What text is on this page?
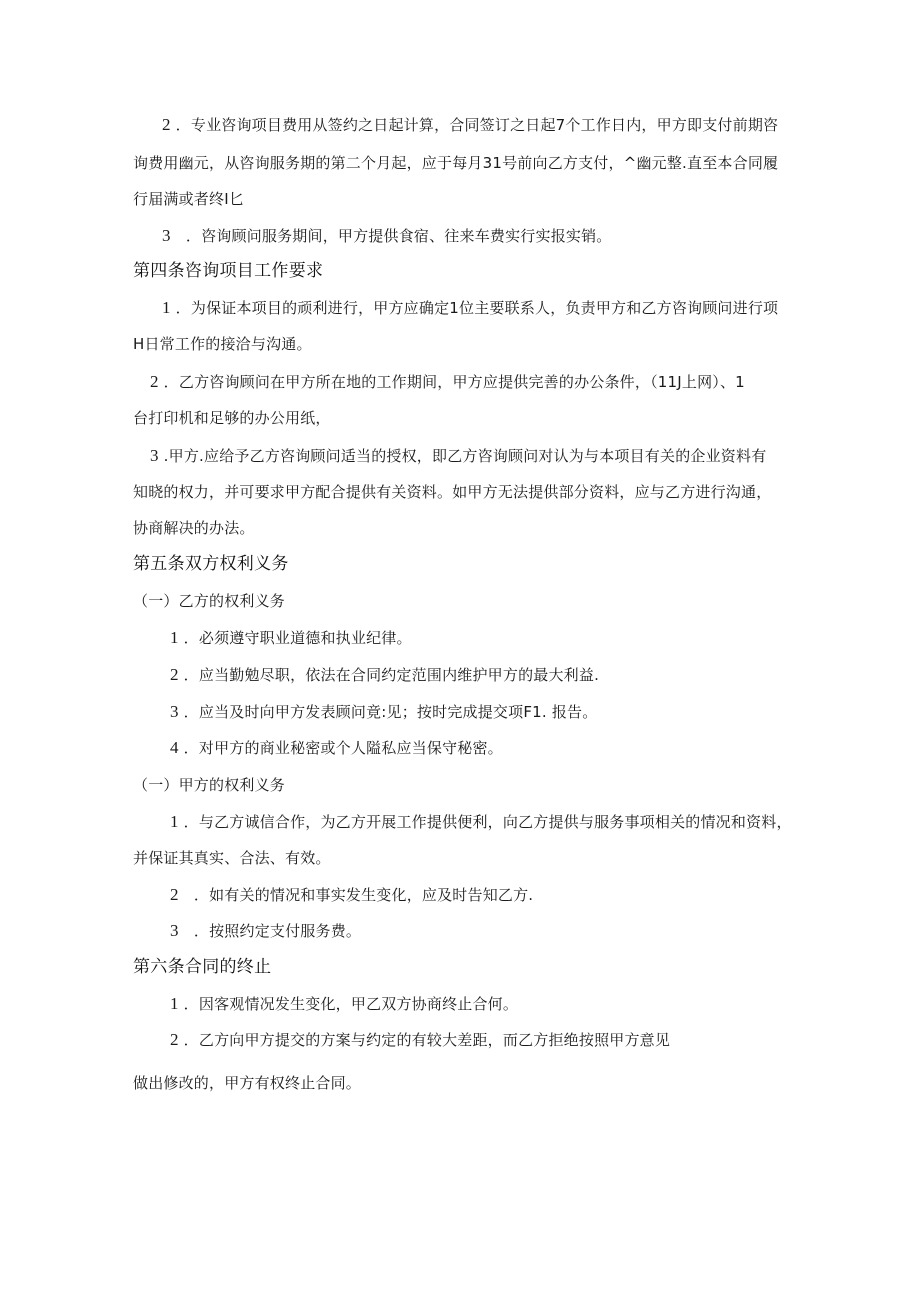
2 ．专业咨询项目费用从签约之日起计算，合同签订之日起7个工作日内，甲方即支付前期咨
询费用幽元，从咨询服务期的第二个月起，应于每月31号前向乙方支付，^幽元整.直至本合同履
行届满或者终I匕
3　．咨询顾问服务期间，甲方提供食宿、往来车费实行实报实销。
第四条咨询项目工作要求
1 ．为保证本项目的顽利进行，甲方应确定1位主要联系人，负责甲方和乙方咨询顾问进行项
H日常工作的接洽与沟通。
2 ．乙方咨询顾问在甲方所在地的工作期间，甲方应提供完善的办公条件，（11J上网）、1
台打印机和足够的办公用纸，
3 .甲方.应给予乙方咨询顾问适当的授权，即乙方咨询顾问对认为与本项目有关的企业资料有
知晓的权力，并可要求甲方配合提供有关资料。如甲方无法提供部分资料，应与乙方进行沟通，
协商解决的办法。
第五条双方权利义务
（一）乙方的权利义务
1 ．必须遵守职业道德和执业纪律。
2 ．应当勤勉尽职，依法在合同约定范围内维护甲方的最大利益.
3 ．应当及时向甲方发表顾问竟:见；按时完成提交项F1. 报告。
4 ．对甲方的商业秘密或个人隘私应当保守秘密。
（一）甲方的权利义务
1 ．与乙方诚信合作，为乙方开展工作提供便利，向乙方提供与服务事项相关的情况和资料，
并保证其真实、合法、有效。
2　．如有关的情况和事实发生变化，应及时告知乙方.
3　．按照约定支付服务费。
第六条合同的终止
1 ．因客观情况发生变化，甲乙双方协商终止合何。
2 ．乙方向甲方提交的方案与约定的有较大差距，而乙方拒绝按照甲方意见
做出修改的，甲方有权终止合同。
